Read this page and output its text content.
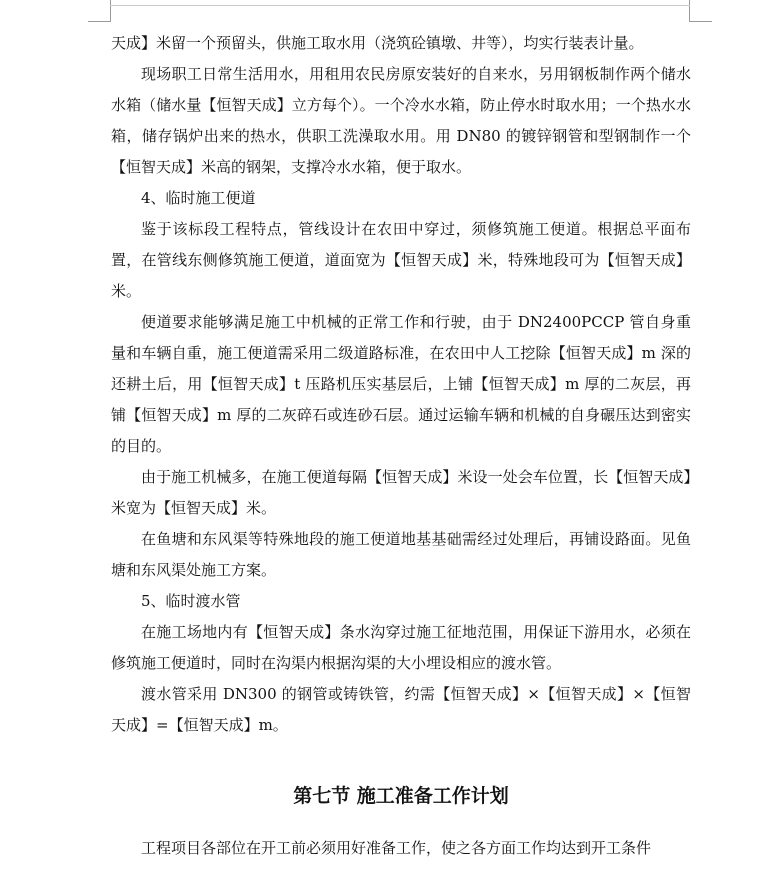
天成】米留一个预留头，供施工取水用（浇筑砼镇墩、井等），均实行装表计量。

现场职工日常生活用水，用租用农民房原安装好的自来水，另用钢板制作两个储水水箱（储水量【恒智天成】立方每个）。一个冷水水箱，防止停水时取水用；一个热水水箱，储存锅炉出来的热水，供职工洗澡取水用。用 DN80 的镀锌钢管和型钢制作一个【恒智天成】米高的钢架，支撑冷水水箱，便于取水。

4、临时施工便道

鉴于该标段工程特点，管线设计在农田中穿过，须修筑施工便道。根据总平面布置，在管线东侧修筑施工便道，道面宽为【恒智天成】米，特殊地段可为【恒智天成】米。

便道要求能够满足施工中机械的正常工作和行驶，由于 DN2400PCCP 管自身重量和车辆自重，施工便道需采用二级道路标准，在农田中人工挖除【恒智天成】m 深的还耕土后，用【恒智天成】t 压路机压实基层后，上铺【恒智天成】m 厚的二灰层，再铺【恒智天成】m 厚的二灰碎石或连砂石层。通过运输车辆和机械的自身碾压达到密实的目的。

由于施工机械多，在施工便道每隔【恒智天成】米设一处会车位置，长【恒智天成】米宽为【恒智天成】米。

在鱼塘和东风渠等特殊地段的施工便道地基基础需经过处理后，再铺设路面。见鱼塘和东风渠处施工方案。

5、临时渡水管

在施工场地内有【恒智天成】条水沟穿过施工征地范围，用保证下游用水，必须在修筑施工便道时，同时在沟渠内根据沟渠的大小埋设相应的渡水管。

渡水管采用 DN300 的钢管或铸铁管，约需【恒智天成】×【恒智天成】×【恒智天成】=【恒智天成】m。

第七节 施工准备工作计划

工程项目各部位在开工前必须用好准备工作，使之各方面工作均达到开工条件
